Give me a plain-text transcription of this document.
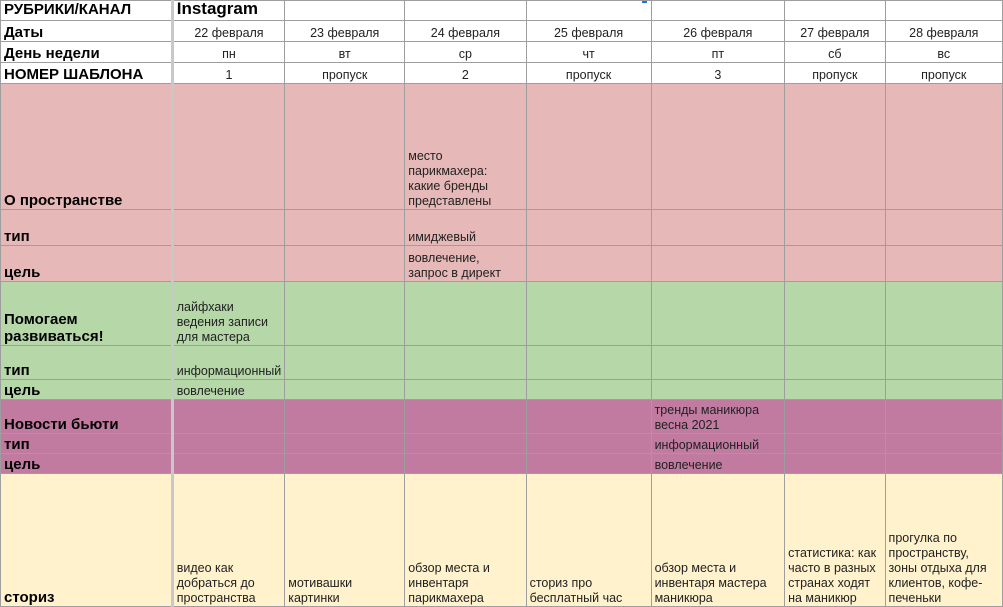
РУБРИКИ/КАНАЛ	Instagram						
Даты	22 февраля	23 февраля	24 февраля	25 февраля	26 февраля	27 февраля	28 февраля
День недели	пн	вт	ср	чт	пт	сб	вс
НОМЕР ШАБЛОНА	1	пропуск	2	пропуск	3	пропуск	пропуск
О пространстве			место парикмахера: какие бренды представлены				
тип			имиджевый				
цель			вовлечение, запрос в директ				
Помогаем развиваться!	лайфхаки ведения записи для мастера						
тип	информационный						
цель	вовлечение						
Новости бьюти					тренды маникюра весна 2021		
тип					информационный		
цель					вовлечение		
сториз	видео как добраться до пространства	мотивашки картинки	обзор места и инвентаря парикмахера	сториз про бесплатный час	обзор места и инвентаря мастера маникюра	статистика: как часто в разных странах ходят на маникюр	прогулка по пространству, зоны отдыха для клиентов, кофе-печеньки
